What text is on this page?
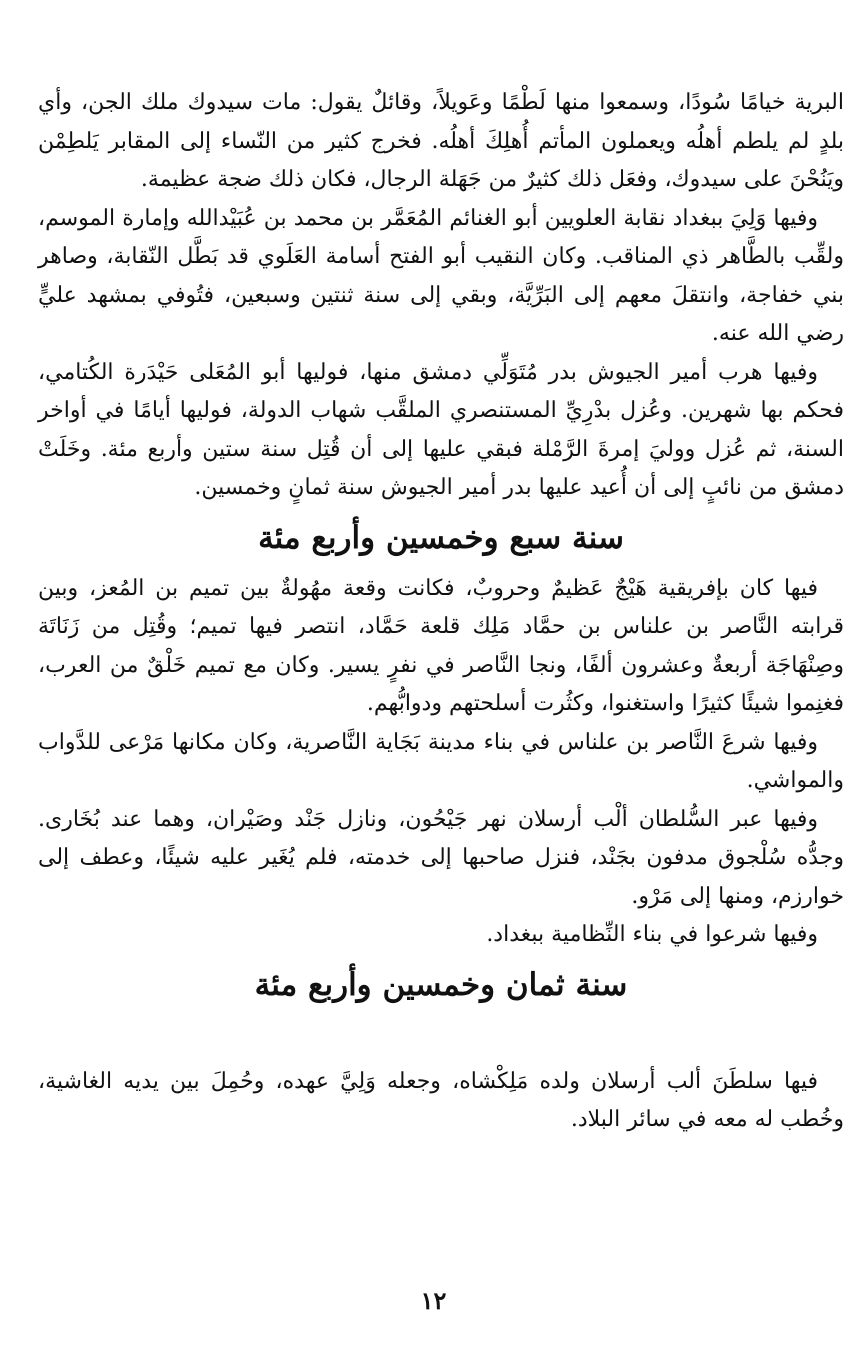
البرية خيامًا سُودًا، وسمعوا منها لَطْمًا وعَويلاً، وقائلٌ يقول: مات سيدوك ملك الجن، وأي بلدٍ لم يلطم أهلُه ويعملون المأتم أُهلِكَ أهلُه. فخرج كثير من النّساء إلى المقابر يَلطِمْن ويَنُحْنَ على سيدوك، وفعَل ذلك كثيرٌ من جَهَلة الرجال، فكان ذلك ضجة عظيمة.

وفيها وَلِيَ ببغداد نقابة العلويين أبو الغنائم المُعَمَّر بن محمد بن عُبَيْدالله وإمارة الموسم، ولقِّب بالطَّاهر ذي المناقب. وكان النقيب أبو الفتح أسامة العَلَوي قد بَطَّل النّقابة، وصاهر بني خفاجة، وانتقلَ معهم إلى البَرِّيَّة، وبقي إلى سنة ثنتين وسبعين، فتُوفي بمشهد عليٍّ رضي الله عنه.

وفيها هرب أمير الجيوش بدر مُتَوَلِّي دمشق منها، فوليها أبو المُعَلى حَيْدَرة الكُتامي، فحكم بها شهرين. وعُزل بدْرِيِّ المستنصري الملقَّب شهاب الدولة، فوليها أيامًا في أواخر السنة، ثم عُزل ووليَ إمرةَ الرَّمْلة فبقي عليها إلى أن قُتِل سنة ستين وأربع مئة. وخَلَتْ دمشق من نائبٍ إلى أن أُعيد عليها بدر أمير الجيوش سنة ثمانٍ وخمسين.

سنة سبع وخمسين وأربع مئة

فيها كان بإفريقية هَيْجٌ عَظيمٌ وحروبٌ، فكانت وقعة مهُولةٌ بين تميم بن المُعز، وبين قرابته النَّاصر بن علناس بن حمَّاد مَلِك قلعة حَمَّاد، انتصر فيها تميم؛ وقُتِل من زَنَاتَة وصِنْهَاجَة أربعةٌ وعشرون ألفًا، ونجا النَّاصر في نفرٍ يسير. وكان مع تميم خَلْقٌ من العرب، فغنِموا شيئًا كثيرًا واستغنوا، وكثُرت أسلحتهم ودوابُّهم.

وفيها شرعَ النَّاصر بن علناس في بناء مدينة بَجَاية النَّاصرية، وكان مكانها مَرْعى للدَّواب والمواشي.

وفيها عبر السُّلطان ألْب أرسلان نهر جَيْحُون، ونازل جَنْد وصَيْران، وهما عند بُخَارى. وجدُّه سُلْجوق مدفون بجَنْد، فنزل صاحبها إلى خدمته، فلم يُغَير عليه شيئًا، وعطف إلى خوارزم، ومنها إلى مَرْو.

وفيها شرعوا في بناء النِّظامية ببغداد.

سنة ثمان وخمسين وأربع مئة

فيها سلطَنَ ألب أرسلان ولده مَلِكْشاه، وجعله وَلِيَّ عهده، وحُمِلَ بين يديه الغاشية، وخُطب له معه في سائر البلاد.

١٢
